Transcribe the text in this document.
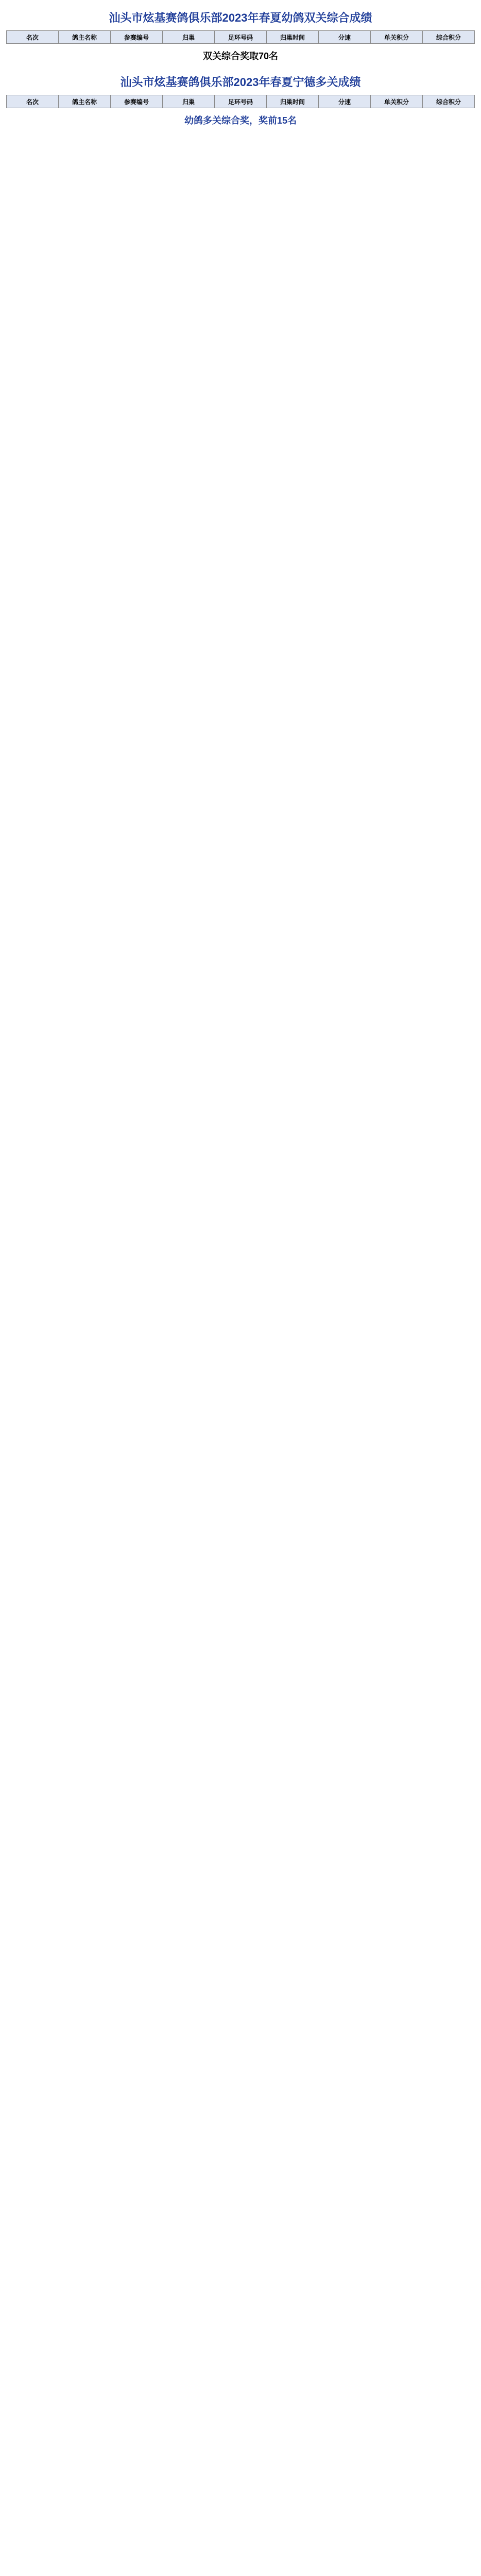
汕头市炫基赛鸽俱乐部2023年春夏幼鸽双关综合成绩
名次	鸽主名称	参赛编号	归巢	足环号码	归巢时间	分速	单关积分	综合积分
双关综合奖取70名
汕头市炫基赛鸽俱乐部2023年春夏宁德多关成绩
名次	鸽主名称	参赛编号	归巢	足环号码	归巢时间	分速	单关积分	综合积分
幼鸽多关综合奖，奖前15名
